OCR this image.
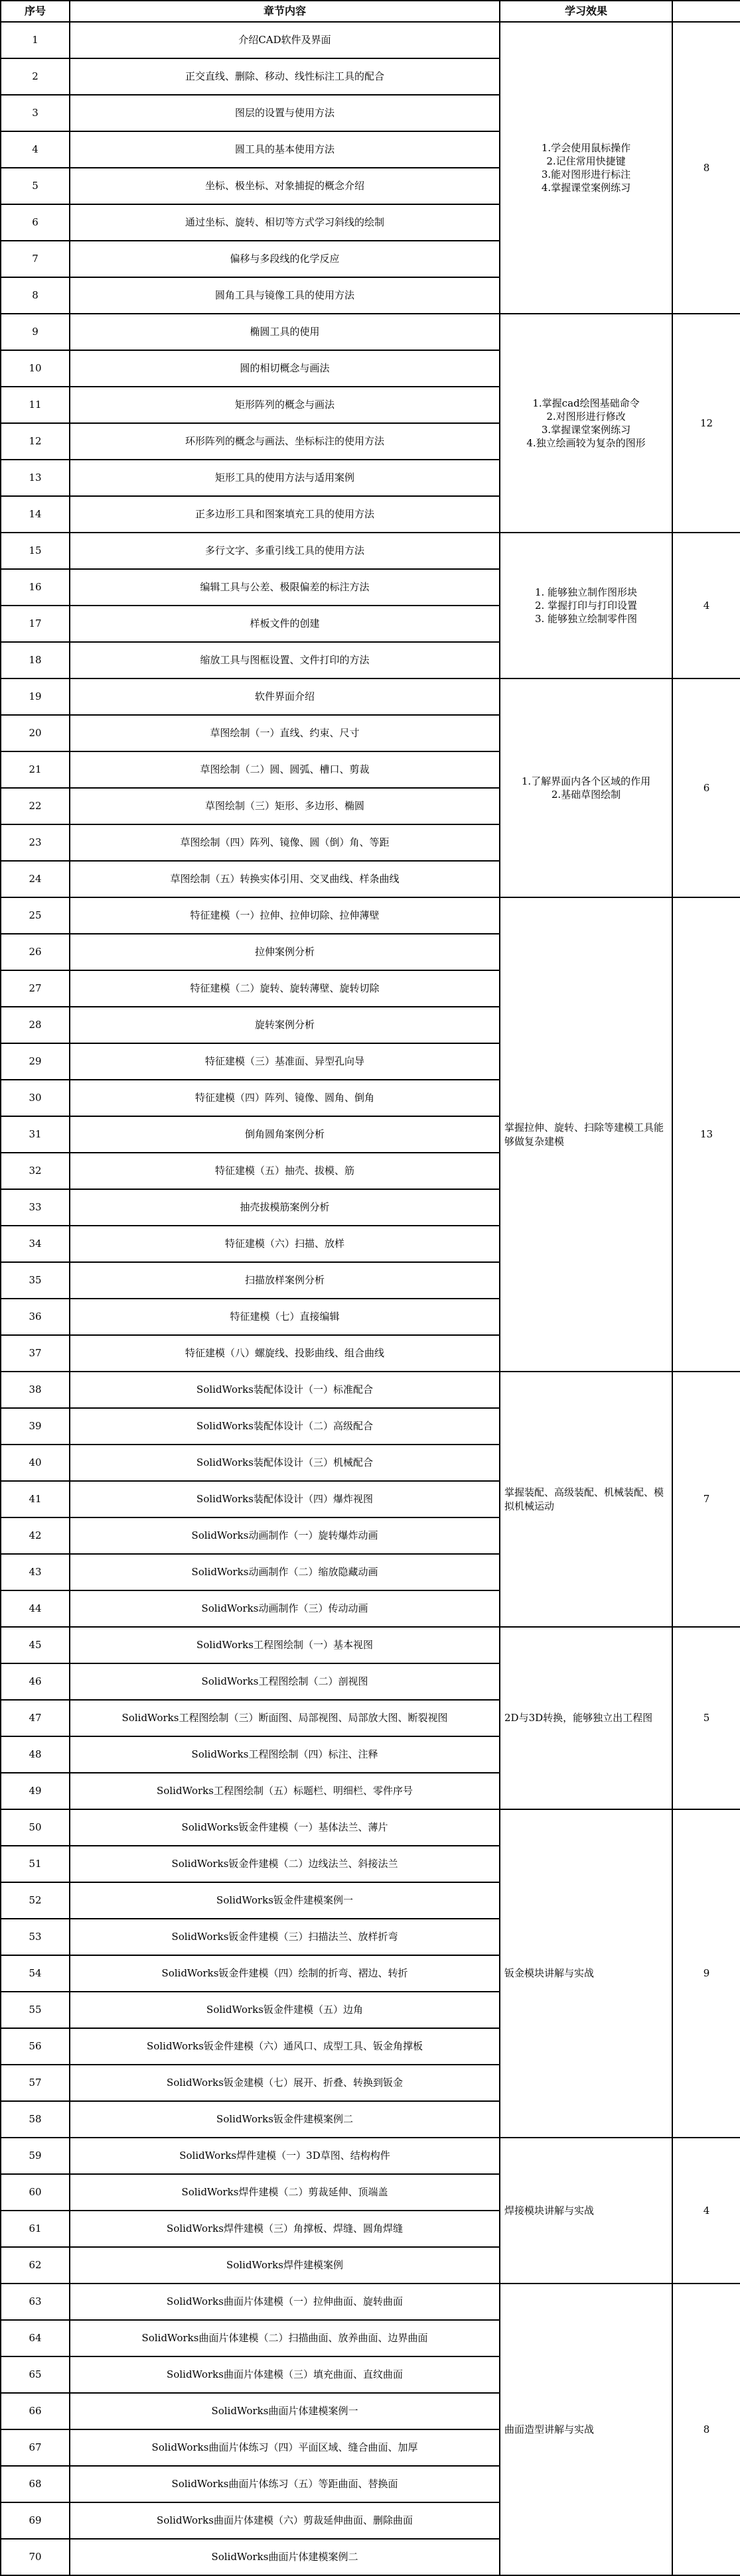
序号	章节内容	学习效果	
1	介绍CAD软件及界面	1.学会使用鼠标操作
2.记住常用快捷键
3.能对图形进行标注
4.掌握课堂案例练习	8
2	正交直线、删除、移动、线性标注工具的配合		
3	图层的设置与使用方法		
4	圆工具的基本使用方法		
5	坐标、极坐标、对象捕捉的概念介绍		
6	通过坐标、旋转、相切等方式学习斜线的绘制		
7	偏移与多段线的化学反应		
8	圆角工具与镜像工具的使用方法		
9	椭圆工具的使用	1.掌握cad绘图基础命令
2.对图形进行修改
3.掌握课堂案例练习
4.独立绘画较为复杂的图形	12
10	圆的相切概念与画法		
11	矩形阵列的概念与画法		
12	环形阵列的概念与画法、坐标标注的使用方法		
13	矩形工具的使用方法与适用案例		
14	正多边形工具和图案填充工具的使用方法		
15	多行文字、多重引线工具的使用方法	1. 能够独立制作图形块
2. 掌握打印与打印设置
3. 能够独立绘制零件图	4
16	编辑工具与公差、极限偏差的标注方法		
17	样板文件的创建		
18	缩放工具与图框设置、文件打印的方法		
19	软件界面介绍	1.了解界面内各个区域的作用
2.基础草图绘制	6
20	草图绘制（一）直线、约束、尺寸		
21	草图绘制（二）圆、圆弧、槽口、剪裁		
22	草图绘制（三）矩形、多边形、椭圆		
23	草图绘制（四）阵列、镜像、圆（倒）角、等距		
24	草图绘制（五）转换实体引用、交叉曲线、样条曲线		
25	特征建模（一）拉伸、拉伸切除、拉伸薄壁	掌握拉伸、旋转、扫除等建模工具能够做复杂建模	13
26	拉伸案例分析		
27	特征建模（二）旋转、旋转薄壁、旋转切除		
28	旋转案例分析		
29	特征建模（三）基准面、异型孔向导		
30	特征建模（四）阵列、镜像、圆角、倒角		
31	倒角圆角案例分析		
32	特征建模（五）抽壳、拔模、筋		
33	抽壳拔模筋案例分析		
34	特征建模（六）扫描、放样		
35	扫描放样案例分析		
36	特征建模（七）直接编辑		
37	特征建模（八）螺旋线、投影曲线、组合曲线		
38	SolidWorks装配体设计（一）标准配合	掌握装配、高级装配、机械装配、模拟机械运动	7
39	SolidWorks装配体设计（二）高级配合		
40	SolidWorks装配体设计（三）机械配合		
41	SolidWorks装配体设计（四）爆炸视图		
42	SolidWorks动画制作（一）旋转爆炸动画		
43	SolidWorks动画制作（二）缩放隐藏动画		
44	SolidWorks动画制作（三）传动动画		
45	SolidWorks工程图绘制（一）基本视图	2D与3D转换，能够独立出工程图	5
46	SolidWorks工程图绘制（二）剖视图		
47	SolidWorks工程图绘制（三）断面图、局部视图、局部放大图、断裂视图		
48	SolidWorks工程图绘制（四）标注、注释		
49	SolidWorks工程图绘制（五）标题栏、明细栏、零件序号		
50	SolidWorks钣金件建模（一）基体法兰、薄片	钣金模块讲解与实战	9
51	SolidWorks钣金件建模（二）边线法兰、斜接法兰		
52	SolidWorks钣金件建模案例一		
53	SolidWorks钣金件建模（三）扫描法兰、放样折弯		
54	SolidWorks钣金件建模（四）绘制的折弯、褶边、转折		
55	SolidWorks钣金件建模（五）边角		
56	SolidWorks钣金件建模（六）通风口、成型工具、钣金角撑板		
57	SolidWorks钣金建模（七）展开、折叠、转换到钣金		
58	SolidWorks钣金件建模案例二		
59	SolidWorks焊件建模（一）3D草图、结构构件	焊接模块讲解与实战	4
60	SolidWorks焊件建模（二）剪裁延伸、顶端盖		
61	SolidWorks焊件建模（三）角撑板、焊缝、圆角焊缝		
62	SolidWorks焊件建模案例		
63	SolidWorks曲面片体建模（一）拉伸曲面、旋转曲面	曲面造型讲解与实战	8
64	SolidWorks曲面片体建模（二）扫描曲面、放养曲面、边界曲面		
65	SolidWorks曲面片体建模（三）填充曲面、直纹曲面		
66	SolidWorks曲面片体建模案例一		
67	SolidWorks曲面片体练习（四）平面区域、缝合曲面、加厚		
68	SolidWorks曲面片体练习（五）等距曲面、替换面		
69	SolidWorks曲面片体建模（六）剪裁延伸曲面、删除曲面		
70	SolidWorks曲面片体建模案例二		
